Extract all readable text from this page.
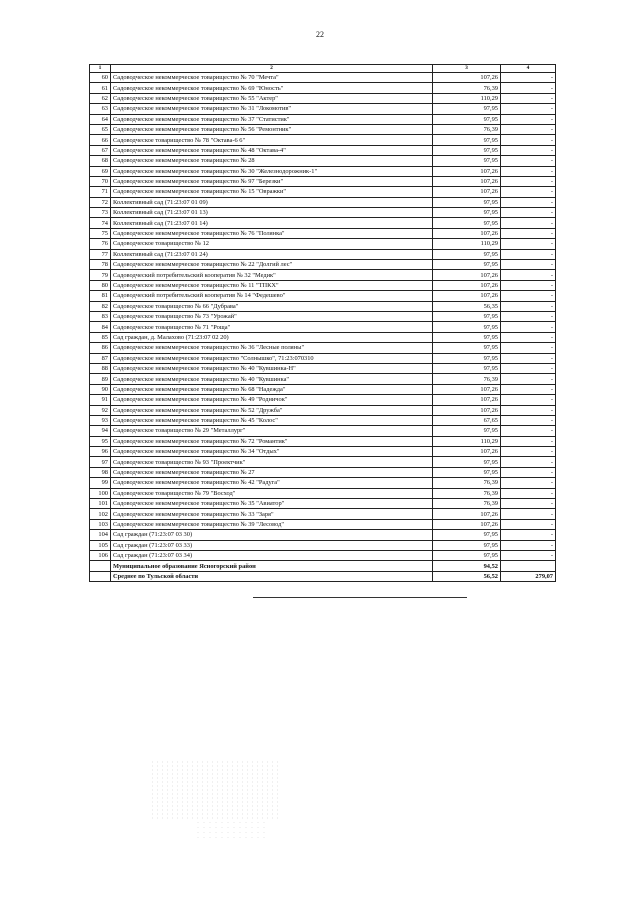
22
1	2	3	4
60	Садоводческое некоммерческое товарищество № 70 "Мечта"	107,26	-
61	Садоводческое некоммерческое товарищество № 69 "Юность"	76,39	-
62	Садоводческое некоммерческое товарищество № 55 "Актер"	110,29	-
63	Садоводческое некоммерческое товарищество № 31 "Локомотив"	97,95	-
64	Садоводческое некоммерческое товарищество № 37 "Статистик"	97,95	-
65	Садоводческое некоммерческое товарищество № 56 "Ремонтник"	76,39	-
66	Садоводческое товарищество № 78 "Октава-6 6"	97,95	-
67	Садоводческое некоммерческое товарищество № 48 "Октава-4"	97,95	-
68	Садоводческое некоммерческое товарищество № 28	97,95	-
69	Садоводческое некоммерческое товарищество № 30 "Железнодорожник-1"	107,26	-
70	Садоводческое некоммерческое товарищество № 97 "Березки"	107,26	-
71	Садоводческое некоммерческое товарищество № 15 "Овражки"	107,26	-
72	Коллективный сад (71:23:07 01 09)	97,95	-
73	Коллективный сад (71:23:07 01 13)	97,95	-
74	Коллективный сад (71:23:07 01 14)	97,95	-
75	Садоводческое некоммерческое товарищество № 76 "Полянка"	107,26	-
76	Садоводческое товарищество № 12	110,29	-
77	Коллективный сад (71:23:07 01 24)	97,95	-
78	Садоводческое некоммерческое товарищество № 22 "Долгий лес"	97,95	-
79	Садоводческий потребительский кооператив № 32 "Медик"	107,26	-
80	Садоводческое некоммерческое товарищество № 11 "ТПКХ"	107,26	-
81	Садоводческий потребительский кооператив № 14 "Федешево"	107,26	-
82	Садоводческое товарищество № 66 "Дубрава"	56,35	-
83	Садоводческое товарищество № 73 "Урожай"	97,95	-
84	Садоводческое товарищество № 71 "Роща"	97,95	-
85	Сад граждан, д. Малахово (71:23:07 02 20)	97,95	-
86	Садоводческое некоммерческое товарищество № 36 "Лесные поляны"	97,95	-
87	Садоводческое некоммерческое товарищество "Солнышко", 71:23:070310	97,95	-
88	Садоводческое некоммерческое товарищество № 40 "Кувшинка-Н"	97,95	-
89	Садоводческое некоммерческое товарищество № 40 "Кувшинка"	76,39	-
90	Садоводческое некоммерческое товарищество № 68 "Надежда"	107,26	-
91	Садоводческое некоммерческое товарищество № 49 "Родничок"	107,26	-
92	Садоводческое некоммерческое товарищество № 52 "Дружба"	107,26	-
93	Садоводческое некоммерческое товарищество № 45 "Колос"	67,65	-
94	Садоводческое товарищество № 29 "Металлург"	97,95	-
95	Садоводческое некоммерческое товарищество № 72 "Романтик"	110,29	-
96	Садоводческое некоммерческое товарищество № 34 "Отдых"	107,26	-
97	Садоводческое товарищество № 93 "Проектчик"	97,95	-
98	Садоводческое некоммерческое товарищество № 27	97,95	-
99	Садоводческое некоммерческое товарищество № 42 "Радуга"	76,39	-
100	Садоводческое товарищество № 79 "Восход"	76,39	-
101	Садоводческое некоммерческое товарищество № 35 "Авиатор"	76,39	-
102	Садоводческое некоммерческое товарищество № 33 "Заря"	107,26	-
103	Садоводческое некоммерческое товарищество № 39 "Лесовод"	107,26	-
104	Сад граждан (71:23:07 03 30)	97,95	-
105	Сад граждан (71:23:07 03 33)	97,95	-
106	Сад граждан (71:23:07 03 34)	97,95	-
	Муниципальное образование Ясногорский район	94,52	
	Среднее по Тульской области	56,52	279,07
